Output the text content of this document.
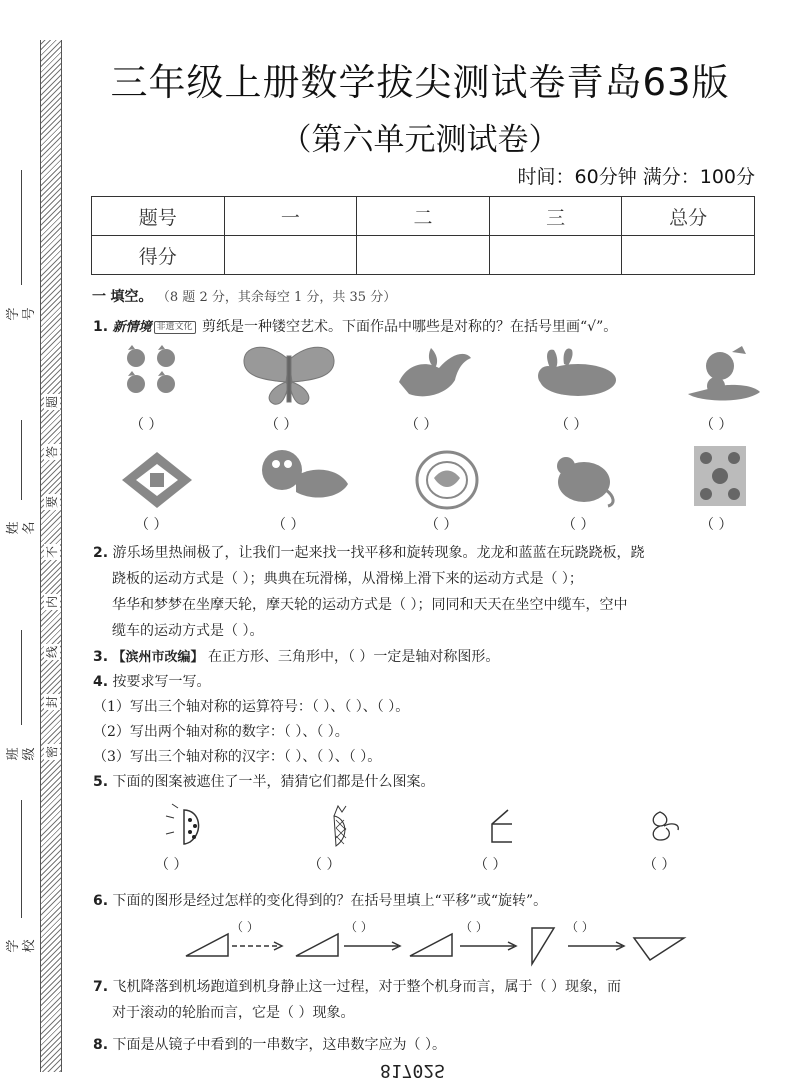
学号
姓名
班级
学校
题
答
要
不
内
线
封
密
三年级上册数学拔尖测试卷青岛63版
（第六单元测试卷）
时间：60分钟 满分：100分
题号	一	二	三	总分
得分				
一 填空。 （8 题 2 分，其余每空 1 分，共 35 分）
1. 新情境 非遗文化 剪纸是一种镂空艺术。下面作品中哪些是对称的？在括号里画“√”。
（ ）	（ ）	（ ）	（ ）	（ ）
（ ）	（ ）	（ ）	（ ）	（ ）
2. 游乐场里热闹极了，让我们一起来找一找平移和旋转现象。龙龙和蓝蓝在玩跷跷板，跷
跷板的运动方式是（ ）；典典在玩滑梯，从滑梯上滑下来的运动方式是（ ）；
华华和梦梦在坐摩天轮，摩天轮的运动方式是（ ）；同同和天天在坐空中缆车，空中
缆车的运动方式是（ ）。
3. 【滨州市改编】 在正方形、三角形中，（ ）一定是轴对称图形。
4. 按要求写一写。
（1）写出三个轴对称的运算符号：（ ）、（ ）、（ ）。
（2）写出两个轴对称的数字：（ ）、（ ）。
（3）写出三个轴对称的汉字：（ ）、（ ）、（ ）。
5. 下面的图案被遮住了一半，猜猜它们都是什么图案。
（ ）	（ ）	（ ）	（ ）
6. 下面的图形是经过怎样的变化得到的？在括号里填上“平移”或“旋转”。
（ ）	（ ）	（ ）	（ ）
7. 飞机降落到机场跑道到机身静止这一过程，对于整个机身而言，属于（ ）现象，而
对于滚动的轮胎而言，它是（ ）现象。
8. 下面是从镜子中看到的一串数字，这串数字应为（ ）。
81702S
